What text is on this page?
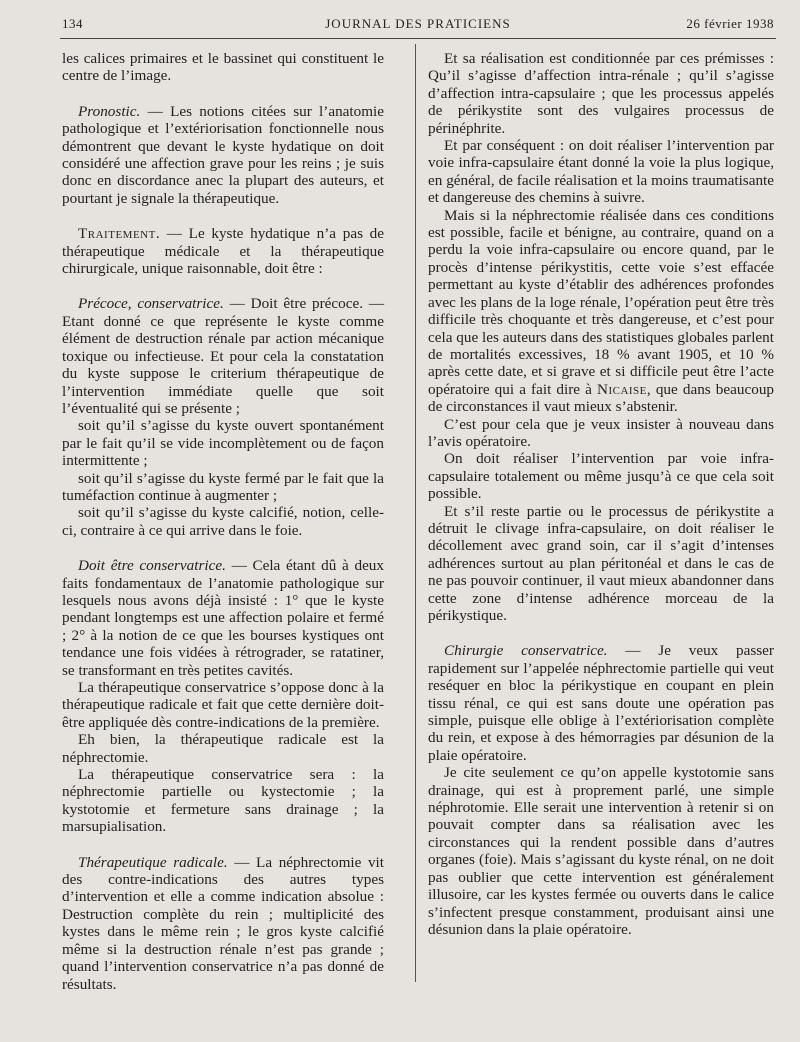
134	JOURNAL DES PRATICIENS	26 février 1938

les calices primaires et le bassinet qui constituent le centre de l’image.

Pronostic. — Les notions citées sur l’anatomie pathologique et l’extériorisation fonctionnelle nous démontrent que devant le kyste hydatique on doit considéré une affection grave pour les reins ; je suis donc en discordance anec la plupart des auteurs, et pourtant je signale la thérapeutique.

Traitement. — Le kyste hydatique n’a pas de thérapeutique médicale et la thérapeutique chirurgicale, unique raisonnable, doit être :

Précoce, conservatrice. — Doit être précoce. — Etant donné ce que représente le kyste comme élément de destruction rénale par action mécanique toxique ou infectieuse. Et pour cela la constatation du kyste suppose le criterium thérapeutique de l’intervention immédiate quelle que soit l’éventualité qui se présente ;

soit qu’il s’agisse du kyste ouvert spontanément par le fait qu’il se vide incomplètement ou de façon intermittente ;

soit qu’il s’agisse du kyste fermé par le fait que la tuméfaction continue à augmenter ;

soit qu’il s’agisse du kyste calcifié, notion, celle-ci, contraire à ce qui arrive dans le foie.

Doit être conservatrice. — Cela étant dû à deux faits fondamentaux de l’anatomie pathologique sur lesquels nous avons déjà insisté : 1° que le kyste pendant longtemps est une affection polaire et fermé ; 2° à la notion de ce que les bourses kystiques ont tendance une fois vidées à rétrograder, se ratatiner, se transformant en très petites cavités.

La thérapeutique conservatrice s’oppose donc à la thérapeutique radicale et fait que cette dernière doit-être appliquée dès contre-indications de la première.

Eh bien, la thérapeutique radicale est la néphrectomie.

La thérapeutique conservatrice sera : la néphrectomie partielle ou kystectomie ; la kystotomie et fermeture sans drainage ; la marsupialisation.

Thérapeutique radicale. — La néphrectomie vit des contre-indications des autres types d’intervention et elle a comme indication absolue : Destruction complète du rein ; multiplicité des kystes dans le même rein ; le gros kyste calcifié même si la destruction rénale n’est pas grande ; quand l’intervention conservatrice n’a pas donné de résultats.

Et sa réalisation est conditionnée par ces prémisses : Qu’il s’agisse d’affection intra-rénale ; qu’il s’agisse d’affection intra-capsulaire ; que les processus appelés de périkystite sont des vulgaires processus de périnéphrite.

Et par conséquent : on doit réaliser l’intervention par voie infra-capsulaire étant donné la voie la plus logique, en général, de facile réalisation et la moins traumatisante et dangereuse des chemins à suivre.

Mais si la néphrectomie réalisée dans ces conditions est possible, facile et bénigne, au contraire, quand on a perdu la voie infra-capsulaire ou encore quand, par le procès d’intense périkystitis, cette voie s’est effacée permettant au kyste d’établir des adhérences profondes avec les plans de la loge rénale, l’opération peut être très difficile très choquante et très dangereuse, et c’est pour cela que les auteurs dans des statistiques globales parlent de mortalités excessives, 18 % avant 1905, et 10 % après cette date, et si grave et si difficile peut être l’acte opératoire qui a fait dire à Nicaise, que dans beaucoup de circonstances il vaut mieux s’abstenir.

C’est pour cela que je veux insister à nouveau dans l’avis opératoire.

On doit réaliser l’intervention par voie infra-capsulaire totalement ou même jusqu’à ce que cela soit possible.

Et s’il reste partie ou le processus de périkystite a détruit le clivage infra-capsulaire, on doit réaliser le décollement avec grand soin, car il s’agit d’intenses adhérences surtout au plan péritonéal et dans le cas de ne pas pouvoir continuer, il vaut mieux abandonner dans cette zone d’intense adhérence morceau de la périkystique.

Chirurgie conservatrice. — Je veux passer rapidement sur l’appelée néphrectomie partielle qui veut reséquer en bloc la périkystique en coupant en plein tissu rénal, ce qui est sans doute une opération pas simple, puisque elle oblige à l’extériorisation complète du rein, et expose à des hémorragies par désunion de la plaie opératoire.

Je cite seulement ce qu’on appelle kystotomie sans drainage, qui est à proprement parlé, une simple néphrotomie. Elle serait une intervention à retenir si on pouvait compter dans sa réalisation avec les circonstances qui la rendent possible dans d’autres organes (foie). Mais s’agissant du kyste rénal, on ne doit pas oublier que cette intervention est généralement illusoire, car les kystes fermée ou ouverts dans le calice s’infectent presque constamment, produisant ainsi une désunion dans la plaie opératoire.
